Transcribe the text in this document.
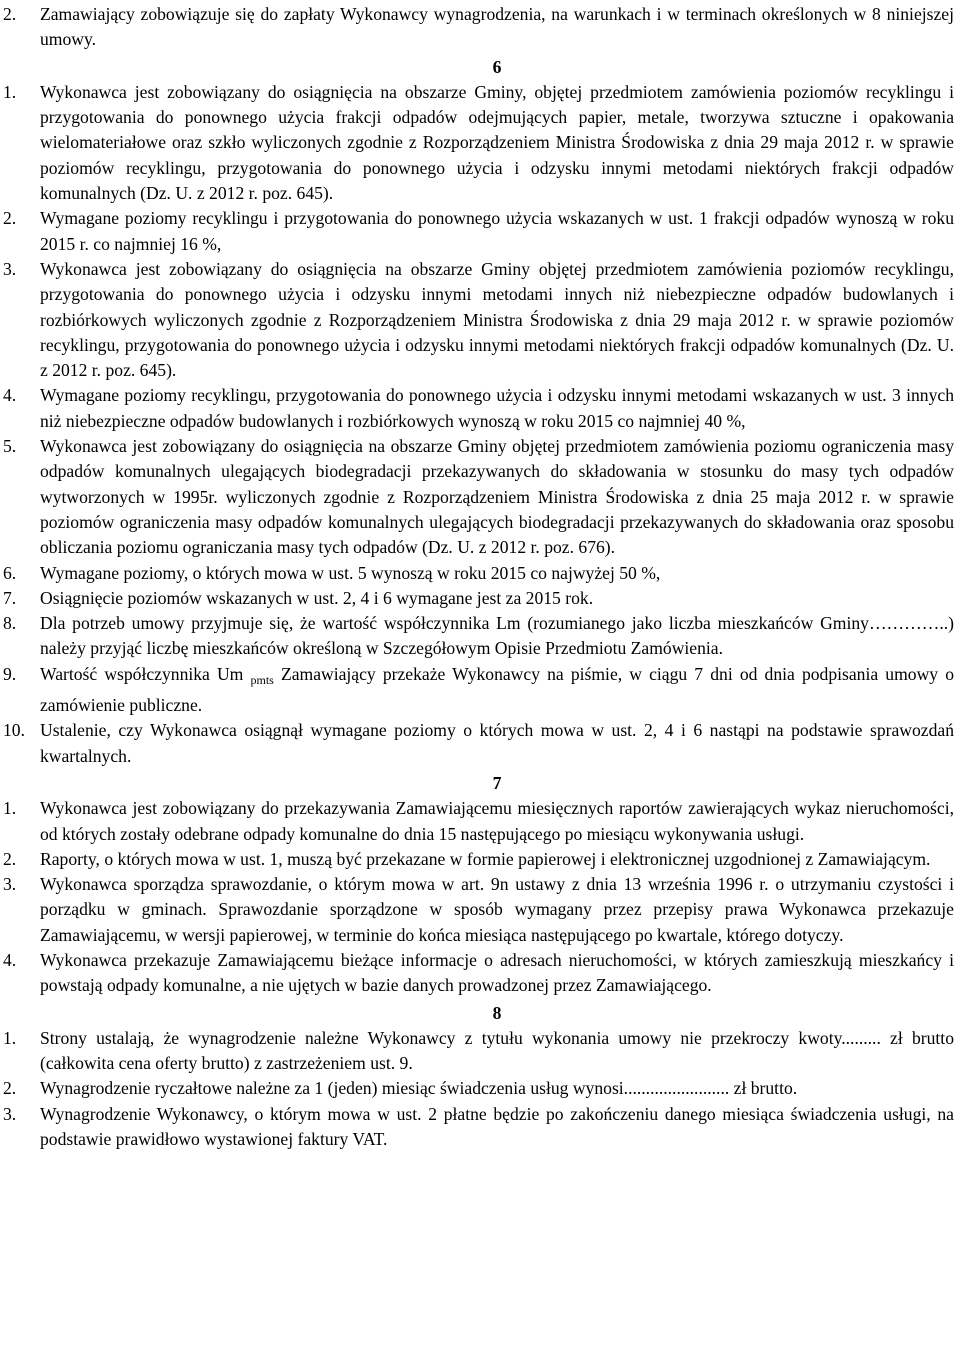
2. Zamawiający zobowiązuje się do zapłaty Wykonawcy wynagrodzenia, na warunkach i w terminach określonych w 8 niniejszej umowy.
6
1. Wykonawca jest zobowiązany do osiągnięcia na obszarze Gminy, objętej przedmiotem zamówienia poziomów recyklingu i przygotowania do ponownego użycia frakcji odpadów odejmujących papier, metale, tworzywa sztuczne i opakowania wielomateriałowe oraz szkło wyliczonych zgodnie z Rozporządzeniem Ministra Środowiska z dnia 29 maja 2012 r. w sprawie poziomów recyklingu, przygotowania do ponownego użycia i odzysku innymi metodami niektórych frakcji odpadów komunalnych (Dz. U. z 2012 r. poz. 645).
2. Wymagane poziomy recyklingu i przygotowania do ponownego użycia wskazanych w ust. 1 frakcji odpadów wynoszą w roku 2015 r. co najmniej 16 %,
3. Wykonawca jest zobowiązany do osiągnięcia na obszarze Gminy objętej przedmiotem zamówienia poziomów recyklingu, przygotowania do ponownego użycia i odzysku innymi metodami innych niż niebezpieczne odpadów budowlanych i rozbiórkowych wyliczonych zgodnie z Rozporządzeniem Ministra Środowiska z dnia 29 maja 2012 r. w sprawie poziomów recyklingu, przygotowania do ponownego użycia i odzysku innymi metodami niektórych frakcji odpadów komunalnych (Dz. U. z 2012 r. poz. 645).
4. Wymagane poziomy recyklingu, przygotowania do ponownego użycia i odzysku innymi metodami wskazanych w ust. 3 innych niż niebezpieczne odpadów budowlanych i rozbiórkowych wynoszą w roku 2015 co najmniej 40 %,
5. Wykonawca jest zobowiązany do osiągnięcia na obszarze Gminy objętej przedmiotem zamówienia poziomu ograniczenia masy odpadów komunalnych ulegających biodegradacji przekazywanych do składowania w stosunku do masy tych odpadów wytworzonych w 1995r. wyliczonych zgodnie z Rozporządzeniem Ministra Środowiska z dnia 25 maja 2012 r. w sprawie poziomów ograniczenia masy odpadów komunalnych ulegających biodegradacji przekazywanych do składowania oraz sposobu obliczania poziomu ograniczania masy tych odpadów (Dz. U. z 2012 r. poz. 676).
6. Wymagane poziomy, o których mowa w ust. 5 wynoszą w roku 2015 co najwyżej 50 %,
7. Osiągnięcie poziomów wskazanych w ust. 2, 4 i 6 wymagane jest za 2015 rok.
8. Dla potrzeb umowy przyjmuje się, że wartość współczynnika Lm (rozumianego jako liczba mieszkańców Gminy…………..) należy przyjąć liczbę mieszkańców określoną w Szczegółowym Opisie Przedmiotu Zamówienia.
9. Wartość współczynnika Um $_{pmts}$ Zamawiający przekaże Wykonawcy na piśmie, w ciągu 7 dni od dnia podpisania umowy o zamówienie publiczne.
10. Ustalenie, czy Wykonawca osiągnął wymagane poziomy o których mowa w ust. 2, 4 i 6 nastąpi na podstawie sprawozdań kwartalnych.
7
1. Wykonawca jest zobowiązany do przekazywania Zamawiającemu miesięcznych raportów zawierających wykaz nieruchomości, od których zostały odebrane odpady komunalne do dnia 15 następującego po miesiącu wykonywania usługi.
2. Raporty, o których mowa w ust. 1, muszą być przekazane w formie papierowej i elektronicznej uzgodnionej z Zamawiającym.
3. Wykonawca sporządza sprawozdanie, o którym mowa w art. 9n ustawy z dnia 13 września 1996 r. o utrzymaniu czystości i porządku w gminach. Sprawozdanie sporządzone w sposób wymagany przez przepisy prawa Wykonawca przekazuje Zamawiającemu, w wersji papierowej, w terminie do końca miesiąca następującego po kwartale, którego dotyczy.
4. Wykonawca przekazuje Zamawiającemu bieżące informacje o adresach nieruchomości, w których zamieszkują mieszkańcy i powstają odpady komunalne, a nie ujętych w bazie danych prowadzonej przez Zamawiającego.
8
1. Strony ustalają, że wynagrodzenie należne Wykonawcy z tytułu wykonania umowy nie przekroczy kwoty......... zł brutto (całkowita cena oferty brutto) z zastrzeżeniem ust. 9.
2. Wynagrodzenie ryczałtowe należne za 1 (jeden) miesiąc świadczenia usług wynosi........................ zł brutto.
3. Wynagrodzenie Wykonawcy, o którym mowa w ust. 2 płatne będzie po zakończeniu danego miesiąca świadczenia usługi, na podstawie prawidłowo wystawionej faktury VAT.
